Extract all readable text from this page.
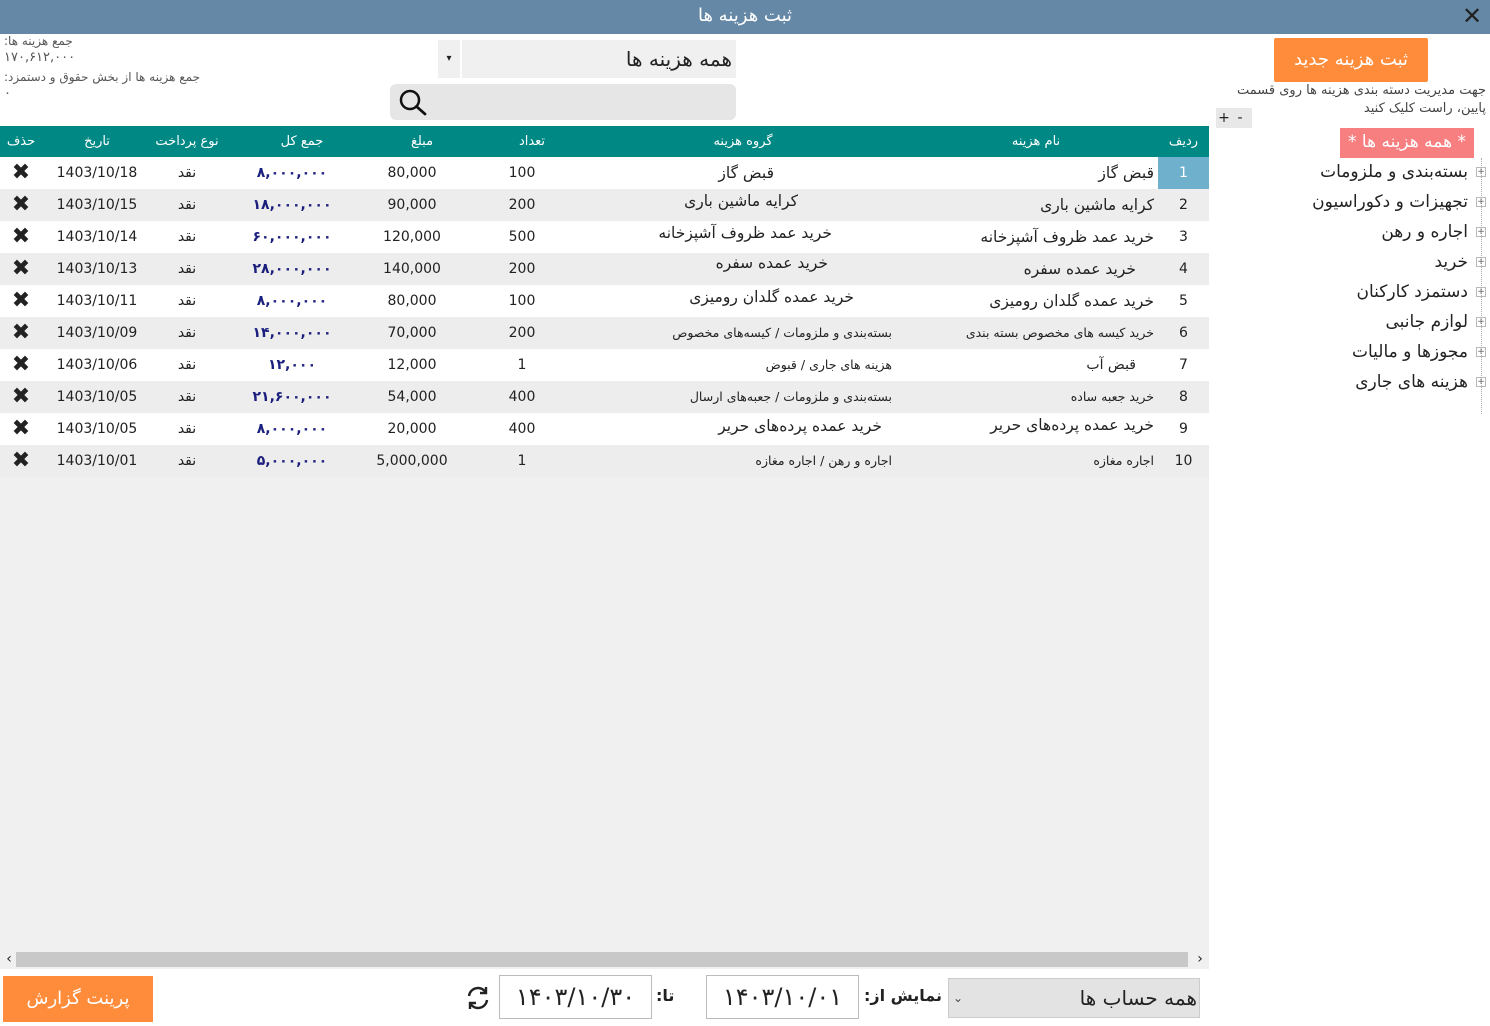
ثبت هزینه ها	✕
جمع هزینه ها:
۱۷۰,۶۱۲,۰۰۰
جمع هزینه ها از بخش حقوق و دستمزد:
۰
▾	همه هزینه ها	ثبت هزینه جدید
جهت مدیریت دسته بندی هزینه ها روی قسمت پایین، راست کلیک کنید
+ -
* همه هزینه ها *
+
بسته‌بندی و ملزومات
+
تجهیزات و دکوراسیون
+
اجاره و رهن
+
خرید
+
دستمزد کارکنان
+
لوازم جانبی
+
مجوزها و مالیات
+
هزینه های جاری
حذف	تاریخ	نوع پرداخت	جمع کل	مبلغ	تعداد	گروه هزینه	نام هزینه	ردیف
✖	1403/10/18	نقد	۸,۰۰۰,۰۰۰	80,000	100	قبض گاز	قبض گاز	1
✖	1403/10/15	نقد	۱۸,۰۰۰,۰۰۰	90,000	200	کرایه ماشین باری	کرایه ماشین باری	2
✖	1403/10/14	نقد	۶۰,۰۰۰,۰۰۰	120,000	500	خرید عمد ظروف آشپزخانه	خرید عمد ظروف آشپزخانه	3
✖	1403/10/13	نقد	۲۸,۰۰۰,۰۰۰	140,000	200	خرید عمده سفره	خرید عمده سفره	4
✖	1403/10/11	نقد	۸,۰۰۰,۰۰۰	80,000	100	خرید عمده گلدان رومیزی	خرید عمده گلدان رومیزی	5
✖	1403/10/09	نقد	۱۴,۰۰۰,۰۰۰	70,000	200	بسته‌بندی و ملزومات / کیسه‌های مخصوص	خرید کیسه های مخصوص بسته بندی	6
✖	1403/10/06	نقد	۱۲,۰۰۰	12,000	1	هزینه های جاری / قبوض	قبض آب	7
✖	1403/10/05	نقد	۲۱,۶۰۰,۰۰۰	54,000	400	بسته‌بندی و ملزومات / جعبه‌های ارسال	خرید جعبه ساده	8
✖	1403/10/05	نقد	۸,۰۰۰,۰۰۰	20,000	400	خرید عمده پرده‌های حریر	خرید عمده پرده‌های حریر	9
✖	1403/10/01	نقد	۵,۰۰۰,۰۰۰	5,000,000	1	اجاره و رهن / اجاره مغازه	اجاره مغازه	10
‹	›
پرینت گزارش	۱۴۰۳/۱۰/۳۰	تا:	۱۴۰۳/۱۰/۰۱	نمایش از: ⌄	همه حساب ها
